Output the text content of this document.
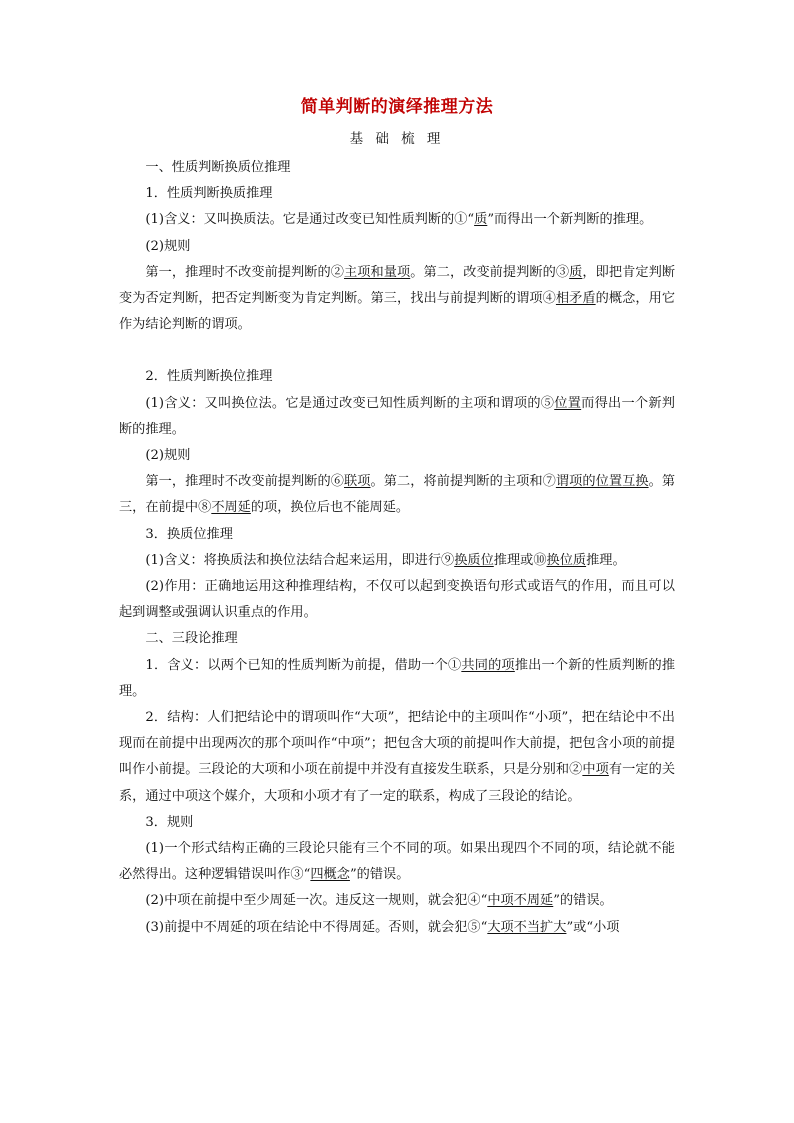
简单判断的演绎推理方法
基 础 梳 理

一、性质判断换质位推理

1．性质判断换质推理

(1)含义：又叫换质法。它是通过改变已知性质判断的①“质”而得出一个新判断的推理。

(2)规则

第一，推理时不改变前提判断的②主项和量项。第二，改变前提判断的③质，即把肯定判断变为否定判断，把否定判断变为肯定判断。第三，找出与前提判断的谓项④相矛盾的概念，用它作为结论判断的谓项。

2．性质判断换位推理

(1)含义：又叫换位法。它是通过改变已知性质判断的主项和谓项的⑤位置而得出一个新判断的推理。

(2)规则

第一，推理时不改变前提判断的⑥联项。第二，将前提判断的主项和⑦谓项的位置互换。第三，在前提中⑧不周延的项，换位后也不能周延。

3．换质位推理

(1)含义：将换质法和换位法结合起来运用，即进行⑨换质位推理或⑩换位质推理。

(2)作用：正确地运用这种推理结构，不仅可以起到变换语句形式或语气的作用，而且可以起到调整或强调认识重点的作用。

二、三段论推理

1．含义：以两个已知的性质判断为前提，借助一个①共同的项推出一个新的性质判断的推理。

2．结构：人们把结论中的谓项叫作“大项”，把结论中的主项叫作“小项”，把在结论中不出现而在前提中出现两次的那个项叫作“中项”；把包含大项的前提叫作大前提，把包含小项的前提叫作小前提。三段论的大项和小项在前提中并没有直接发生联系，只是分别和②中项有一定的关系，通过中项这个媒介，大项和小项才有了一定的联系，构成了三段论的结论。

3．规则

(1)一个形式结构正确的三段论只能有三个不同的项。如果出现四个不同的项，结论就不能必然得出。这种逻辑错误叫作③“四概念”的错误。

(2)中项在前提中至少周延一次。违反这一规则，就会犯④“中项不周延”的错误。

(3)前提中不周延的项在结论中不得周延。否则，就会犯⑤“大项不当扩大”或“小项
